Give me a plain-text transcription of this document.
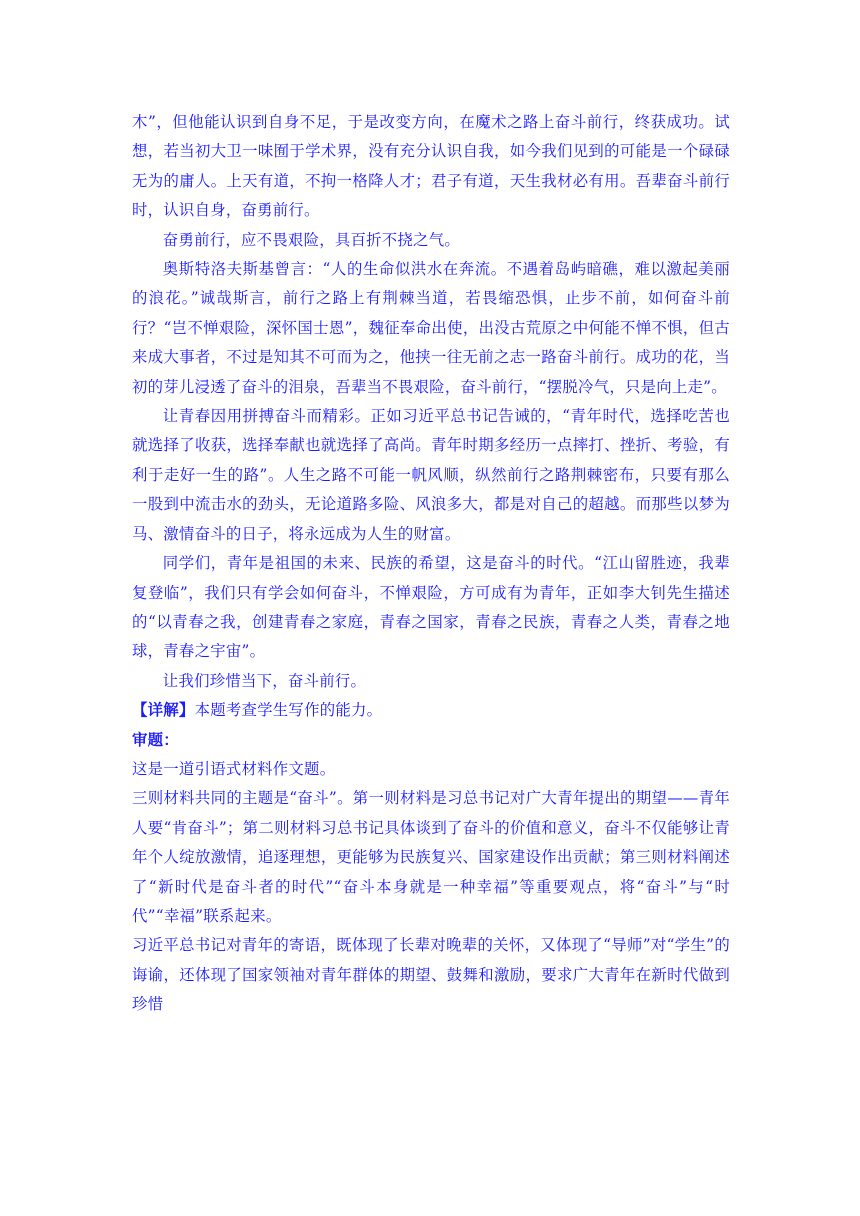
木”，但他能认识到自身不足，于是改变方向，在魔术之路上奋斗前行，终获成功。试想，若当初大卫一味囿于学术界，没有充分认识自我，如今我们见到的可能是一个碌碌无为的庸人。上天有道，不拘一格降人才；君子有道，天生我材必有用。吾辈奋斗前行时，认识自身，奋勇前行。

奋勇前行，应不畏艰险，具百折不挠之气。

奥斯特洛夫斯基曾言：“人的生命似洪水在奔流。不遇着岛屿暗礁，难以激起美丽的浪花。”诚哉斯言，前行之路上有荆棘当道，若畏缩恐惧，止步不前，如何奋斗前行？“岂不惮艰险，深怀国士恩”，魏征奉命出使，出没古荒原之中何能不惮不惧，但古来成大事者，不过是知其不可而为之，他挟一往无前之志一路奋斗前行。成功的花，当初的芽儿浸透了奋斗的泪泉，吾辈当不畏艰险，奋斗前行，“摆脱冷气，只是向上走”。

让青春因用拼搏奋斗而精彩。正如习近平总书记告诫的，“青年时代，选择吃苦也就选择了收获，选择奉献也就选择了高尚。青年时期多经历一点摔打、挫折、考验，有利于走好一生的路”。人生之路不可能一帆风顺，纵然前行之路荆棘密布，只要有那么一股到中流击水的劲头，无论道路多险、风浪多大，都是对自己的超越。而那些以梦为马、激情奋斗的日子，将永远成为人生的财富。

同学们，青年是祖国的未来、民族的希望，这是奋斗的时代。“江山留胜迹，我辈复登临”，我们只有学会如何奋斗，不惮艰险，方可成有为青年，正如李大钊先生描述的“以青春之我，创建青春之家庭，青春之国家，青春之民族，青春之人类，青春之地球，青春之宇宙”。

让我们珍惜当下，奋斗前行。

【详解】本题考查学生写作的能力。

审题：

这是一道引语式材料作文题。

三则材料共同的主题是“奋斗”。第一则材料是习总书记对广大青年提出的期望——青年人要“肯奋斗”；第二则材料习总书记具体谈到了奋斗的价值和意义，奋斗不仅能够让青年个人绽放激情，追逐理想，更能够为民族复兴、国家建设作出贡献；第三则材料阐述了“新时代是奋斗者的时代”“奋斗本身就是一种幸福”等重要观点，将“奋斗”与“时代”“幸福”联系起来。

习近平总书记对青年的寄语，既体现了长辈对晚辈的关怀，又体现了“导师”对“学生”的诲谕，还体现了国家领袖对青年群体的期望、鼓舞和激励，要求广大青年在新时代做到珍惜
